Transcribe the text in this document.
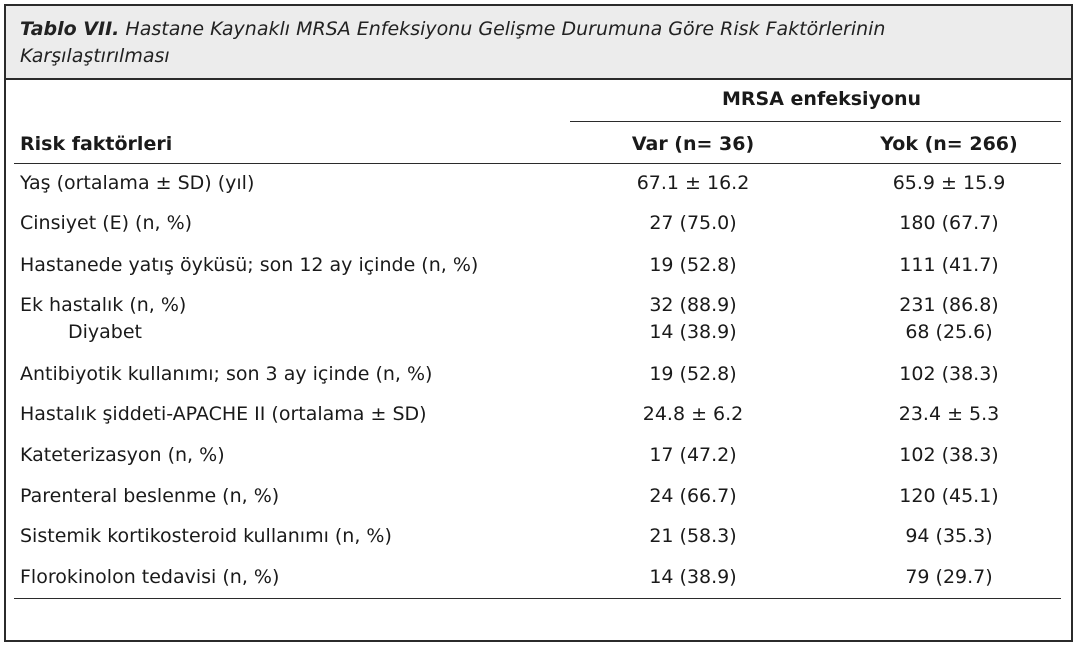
Tablo VII. Hastane Kaynaklı MRSA Enfeksiyonu Gelişme Durumuna Göre Risk Faktörlerinin
Karşılaştırılması
MRSA enfeksiyonu
Risk faktörleri	Var (n= 36)	Yok (n= 266)
Yaş (ortalama ± SD) (yıl)	67.1 ± 16.2	65.9 ± 15.9
Cinsiyet (E) (n, %)	27 (75.0)	180 (67.7)
Hastanede yatış öyküsü; son 12 ay içinde (n, %)	19 (52.8)	111 (41.7)
Ek hastalık (n, %)	32 (88.9)	231 (86.8)
Diyabet	14 (38.9)	68 (25.6)
Antibiyotik kullanımı; son 3 ay içinde (n, %)	19 (52.8)	102 (38.3)
Hastalık şiddeti-APACHE II (ortalama ± SD)	24.8 ± 6.2	23.4 ± 5.3
Kateterizasyon (n, %)	17 (47.2)	102 (38.3)
Parenteral beslenme (n, %)	24 (66.7)	120 (45.1)
Sistemik kortikosteroid kullanımı (n, %)	21 (58.3)	94 (35.3)
Florokinolon tedavisi (n, %)	14 (38.9)	79 (29.7)
